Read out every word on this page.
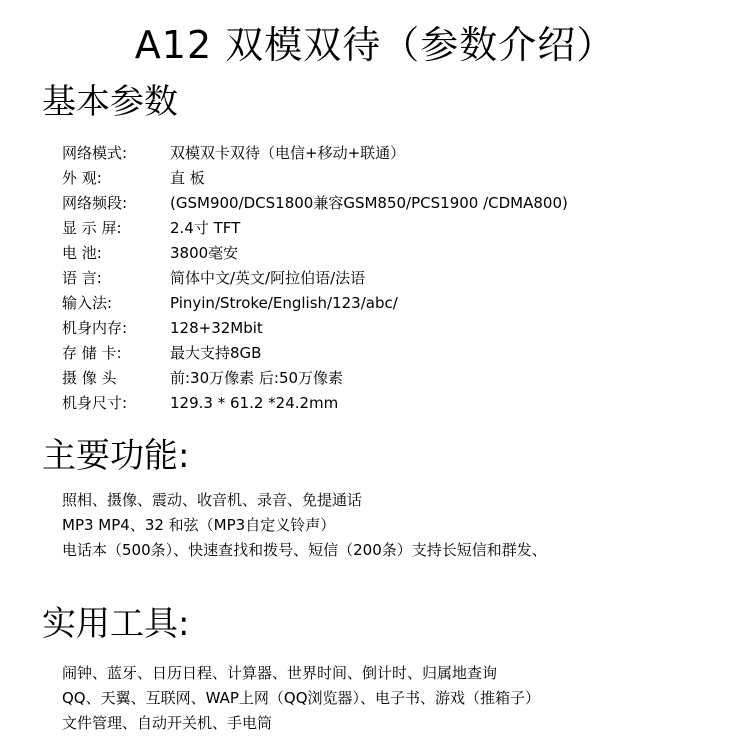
A12 双模双待（参数介绍）
基本参数
网络模式:	双模双卡双待（电信+移动+联通）
外 观:	直 板
网络频段:	(GSM900/DCS1800兼容GSM850/PCS1900 /CDMA800)
显 示 屏:	2.4寸 TFT
电 池:	3800毫安
语 言:	简体中文/英文/阿拉伯语/法语
输入法:	Pinyin/Stroke/English/123/abc/
机身内存:	128+32Mbit
存 储 卡:	最大支持8GB
摄 像 头	前:30万像素 后:50万像素
机身尺寸:	129.3 * 61.2 *24.2mm
主要功能:
照相、摄像、震动、收音机、录音、免提通话
MP3 MP4、32 和弦（MP3自定义铃声）
电话本（500条）、快速查找和拨号、短信（200条）支持长短信和群发、
实用工具:
闹钟、蓝牙、日历日程、计算器、世界时间、倒计时、归属地查询
QQ、天翼、互联网、WAP上网（QQ浏览器）、电子书、游戏（推箱子）
文件管理、自动开关机、手电筒
